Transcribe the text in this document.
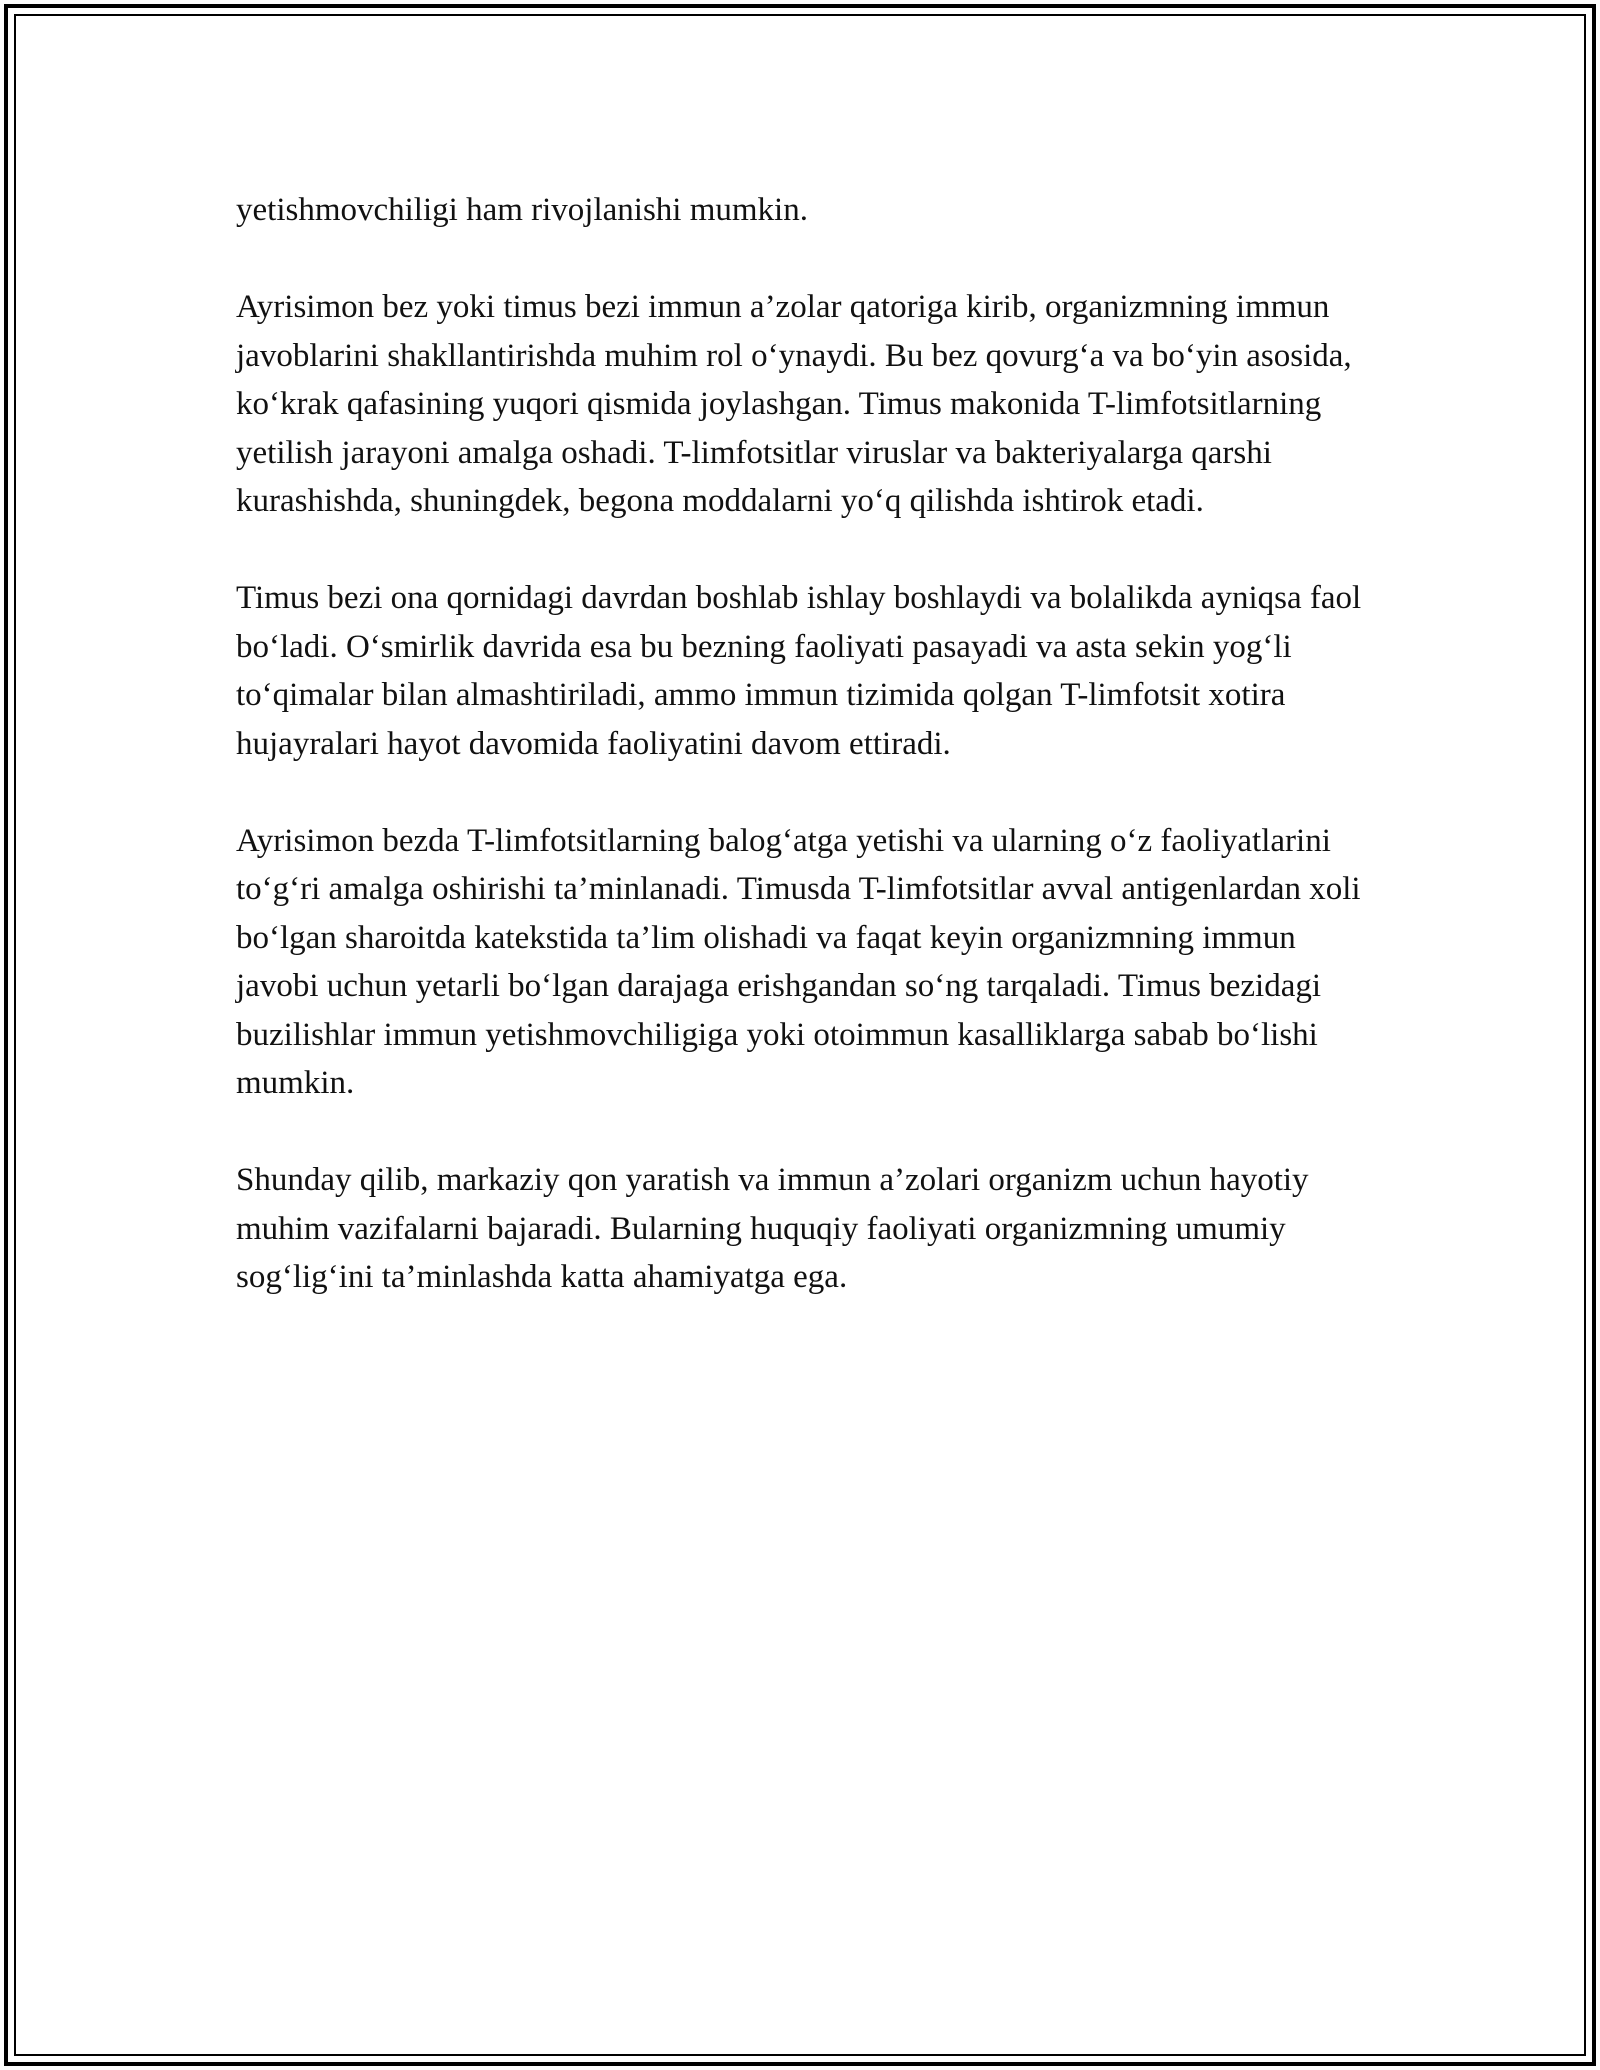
yetishmovchiligi ham rivojlanishi mumkin.

Ayrisimon bez yoki timus bezi immun a’zolar qatoriga kirib, organizmning immun javoblarini shakllantirishda muhim rol o‘ynaydi. Bu bez qovurg‘a va bo‘yin asosida, ko‘krak qafasining yuqori qismida joylashgan. Timus makonida T-limfotsitlarning yetilish jarayoni amalga oshadi. T-limfotsitlar viruslar va bakteriyalarga qarshi kurashishda, shuningdek, begona moddalarni yo‘q qilishda ishtirok etadi.

Timus bezi ona qornidagi davrdan boshlab ishlay boshlaydi va bolalikda ayniqsa faol bo‘ladi. O‘smirlik davrida esa bu bezning faoliyati pasayadi va asta sekin yog‘li to‘qimalar bilan almashtiriladi, ammo immun tizimida qolgan T-limfotsit xotira hujayralari hayot davomida faoliyatini davom ettiradi.

Ayrisimon bezda T-limfotsitlarning balog‘atga yetishi va ularning o‘z faoliyatlarini to‘g‘ri amalga oshirishi ta’minlanadi. Timusda T-limfotsitlar avval antigenlardan xoli bo‘lgan sharoitda katekstida ta’lim olishadi va faqat keyin organizmning immun javobi uchun yetarli bo‘lgan darajaga erishgandan so‘ng tarqaladi. Timus bezidagi buzilishlar immun yetishmovchiligiga yoki otoimmun kasalliklarga sabab bo‘lishi mumkin.

Shunday qilib, markaziy qon yaratish va immun a’zolari organizm uchun hayotiy muhim vazifalarni bajaradi. Bularning huquqiy faoliyati organizmning umumiy sog‘lig‘ini ta’minlashda katta ahamiyatga ega.
